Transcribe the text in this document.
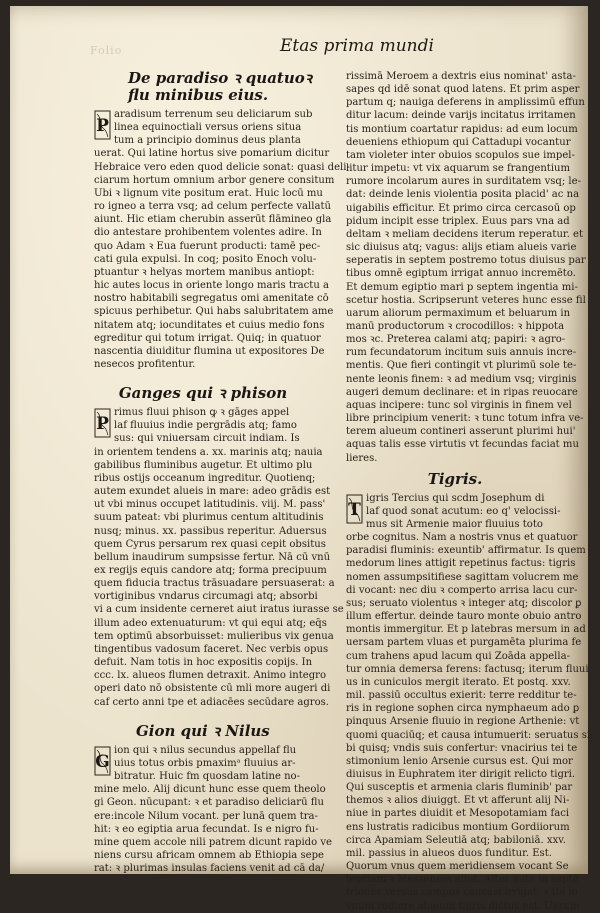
Folio	Etas prima mundi
De paradiso ꝛ quatuoꝛ flu minibus eius.
P

aradisum terrenum seu deliciarum sub

linea equinoctiali versus oriens situa

tum a principio dominus deus planta

uerat. Qui latine hortus sive pomarium dicitur

Hebraice vero eden quod delicie sonat: quasi deli-

ciarum hortum omnium arbor genere consitum

Ubi ꝛ lignum vite positum erat. Huic locū mu

ro igneo a terra vsq; ad celum perfecte vallatū

aiunt. Hic etiam cherubin asserūt flāmineo gla

dio antestare prohibentem volentes adire. In

quo Adam ꝛ Eua fuerunt producti: tamē pec-

cati gula expulsi. In coq; posito Enoch volu-

ptuantur ꝛ helyas mortem manibus antiopt:

hic autes locus in oriente longo maris tractu a

nostro habitabili segregatus omi amenitate cō

spicuus perhibetur. Qui habs salubritatem ame

nitatem atq; iocunditates et cuius medio fons

egreditur qui totum irrigat. Quiq; in quatuor

nascentia diuiditur flumina ut expositores De

nesecos profitentur.

Ganges qui ꝛ phison
P

rimus fluui phison ꝙ ꝛ gāges appel

laf fluuius indie pergrādis atq; famo

sus: qui vniuersam circuit indiam. Is

in orientem tendens a. xx. marinis atq; nauia

gabilibus fluminibus augetur. Et ultimo plu

ribus ostijs occeanum ingreditur. Quotienq;

autem exundet alueis in mare: adeo grādis est

ut vbi minus occupet latitudinis. viij. M. pass'

suum pateat: vbi plurimus centum altitudinis

nusq; minus. xx. passibus reperitur. Aduersus

quem Cyrus persarum rex quasi cepit obsitus

bellum inaudirum sumpsisse fertur. Nā cū vnū

ex regijs equis candore atq; forma precipuum

quem fiducia tractus trāsuadare persuaserat: a

vortiginibus vndarus circumagi atq; absorbi

vi a cum insidente cerneret aiut iratus iurasse se

illum adeo extenuaturum: vt qui equi atq; eq̄s

tem optimū absorbuisset: mulieribus vix genua

tingentibus vadosum faceret. Nec verbis opus

defuit. Nam totis in hoc expositis copijs. In

ccc. lx. alueos flumen detraxit. Animo integro

operi dato nō obsistente cū mli more augeri di

caf certo anni tpe et adiacēes secūdare agros.

Gion qui ꝛ Nilus
G

ion qui ꝛ nilus secundus appellaf flu

uius totus orbis pmaximᵃ fluuius ar-

bitratur. Huic fm quosdam latine no-

mine melo. Alij dicunt hunc esse quem theolo

gi Geon. nūcupant: ꝛ et paradiso deliciarū flu

ere:incole Nilum vocant. per lunā quem tra-

hit: ꝛ eo egiptia arua fecundat. Is e nigro fu-

mine quem accole nili patrem dicunt rapido ve

niens cursu africam omnem ab Ethiopia sepe

rat: ꝛ plurimas insulas faciens venit ad cā da/

rissimā Meroem a dextris eius nominat' asta-

sapes qd idē sonat quod latens. Et prim asper

partum q; nauiga deferens in amplissimū effun

ditur lacum: deinde varijs incitatus irritamen

tis montium coartatur rapidus: ad eum locum

deueniens ethiopum qui Cattadupi vocantur

tam violeter inter obuios scopulos sue impel-

litur impetu: vt vix aquarum se frangentium

rumore incolarum aures in surditatem vsq; le-

dat: deinde lenis violentia posita placid' ac na

uigabilis efficitur. Et primo circa cercasoū op

pidum incipit esse triplex. Euus pars vna ad

deltam ꝛ meliam decidens iterum reperatur. et

sic diuisus atq; vagus: alijs etiam alueis varie

seperatis in septem postremo totus diuisus par

tibus omnē egiptum irrigat annuo incremēto.

Et demum egiptio mari p septem ingentia mi-

scetur hostia. Scripserunt veteres hunc esse fil

uarum aliorum permaximum et beluarum in

manū productorum ꝛ crocodillos: ꝛ hippota

mos ꝛc. Preterea calami atq; papiri: ꝛ agro-

rum fecundatorum incitum suis annuis incre-

mentis. Que fieri contingit vt plurimū sole te-

nente leonis finem: ꝛ ad medium vsq; virginis

augeri demum declinare: et in ripas reuocare

aquas incipere: tunc sol virginis in finem vel

libre principium venerit: ꝛ tunc totum infra ve-

terem alueum contineri asserunt plurimi hui'

aquas talis esse virtutis vt fecundas faciat mu

lieres.

Tigris.
T

igris Tercius qui scdm Josephum di

laf quod sonat acutum: eo q' velocissi-

mus sit Armenie maior fluuius toto

orbe cognitus. Nam a nostris vnus et quatuor

paradisi fluminis: exeuntib' affirmatur. Is quem

medorum lines attigit repetinus factus: tigris

nomen assumpsitifiese sagittam volucrem me

di vocant: nec diu ꝛ comperto arrisa lacu cur-

sus; seruato violentus ꝛ integer atq; discolor ꝑ

illum effertur. deinde tauro monte obuio antro

montis immergitur. Et p latebras mersum in ad

uersam partem vluas et purgamēta plurima fe

cum trahens apud lacum qui Zoāda appella-

tur omnia demersa ferens: factusq; iterum fluui

us in cuniculos mergit iterato. Et postq. xxv.

mil. passiū occultus exierit: terre redditur te-

ris in regione sophen circa nymphaeum ado ꝑ

pinquus Arsenie fluuio in regione Arthenie: vt

quomi quaciūq; et causa intumuerit: seruatus si-

bi quisq; vndis suis confertur: vnacirius tei te

stimonium lenio Arsenie cursus est. Qui mor

diuisus in Euphratem iter dirigit relicto tigri.

Qui susceptis et armenia claris fluminib' par

themos ꝛ alios diuiggt. Et vt afferunt alij Ni-

niue in partes diuidit et Mesopotamiam faci

ens lustratis radicibus montium Gordiiorum

circa Apamiam Seleutiā atq; babiloniā. xxv.

mil. passius in alueos duos funditur. Est.

Quorum vnus quem meridiensem vocant Se

leuciam ꝛ Messenem allut. Alter aute in septē

triones versus campos caucasi irrigat: ꝛ tbi in

vnum rediere alueum tigris dictus est. Uerum
